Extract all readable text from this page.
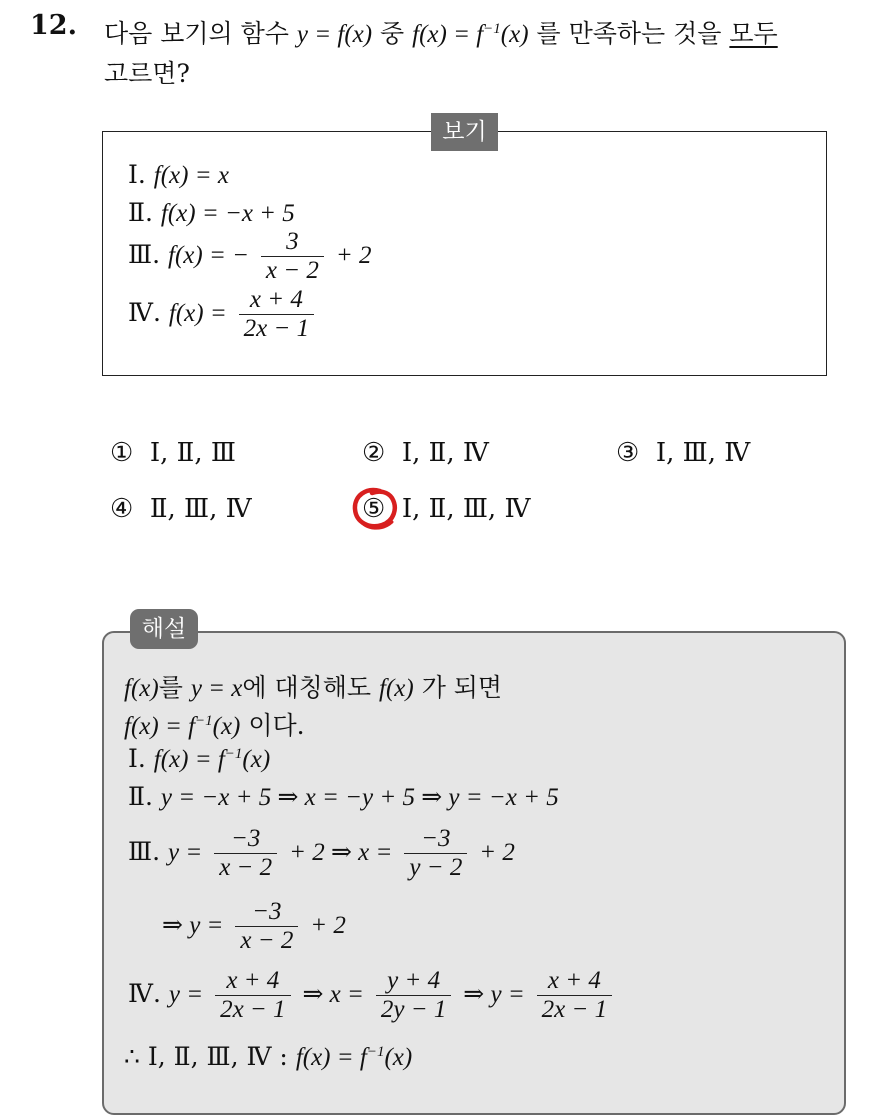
12. 다음 보기의 함수 y = f(x) 중 $f(x) = f^{-1}(x)$ 를 만족하는 것을 모두
고르면?
보기
Ⅰ. f(x) = x
Ⅱ. f(x) = −x + 5
Ⅲ. f(x) = − $\frac{3}{x - 2} + 2$
Ⅳ. $f(x) = \frac{x + 4}{2x - 1}$
① Ⅰ, Ⅱ, Ⅲ	② Ⅰ, Ⅱ, Ⅳ	③ Ⅰ, Ⅲ, Ⅳ
④ Ⅱ, Ⅲ, Ⅳ	⑤ Ⅰ, Ⅱ, Ⅲ, Ⅳ
해설
f(x)를 y = x에 대칭해도 f(x) 가 되면
$f(x) = f^{-1}(x)$ 이다.
Ⅰ. $f(x) = f^{-1}(x)$
Ⅱ. y = −x + 5 ⇒ x = −y + 5 ⇒ y = −x + 5
Ⅲ. $y = \frac{-3}{x - 2} + 2$ ⇒ $x = \frac{-3}{y - 2} + 2$
⇒ $y = \frac{-3}{x - 2} + 2$
Ⅳ. $y = \frac{x + 4}{2x - 1}$ ⇒ $x = \frac{y + 4}{2y - 1}$ ⇒ $y = \frac{x + 4}{2x - 1}$
∴ Ⅰ, Ⅱ, Ⅲ, Ⅳ : $f(x) = f^{-1}(x)$
